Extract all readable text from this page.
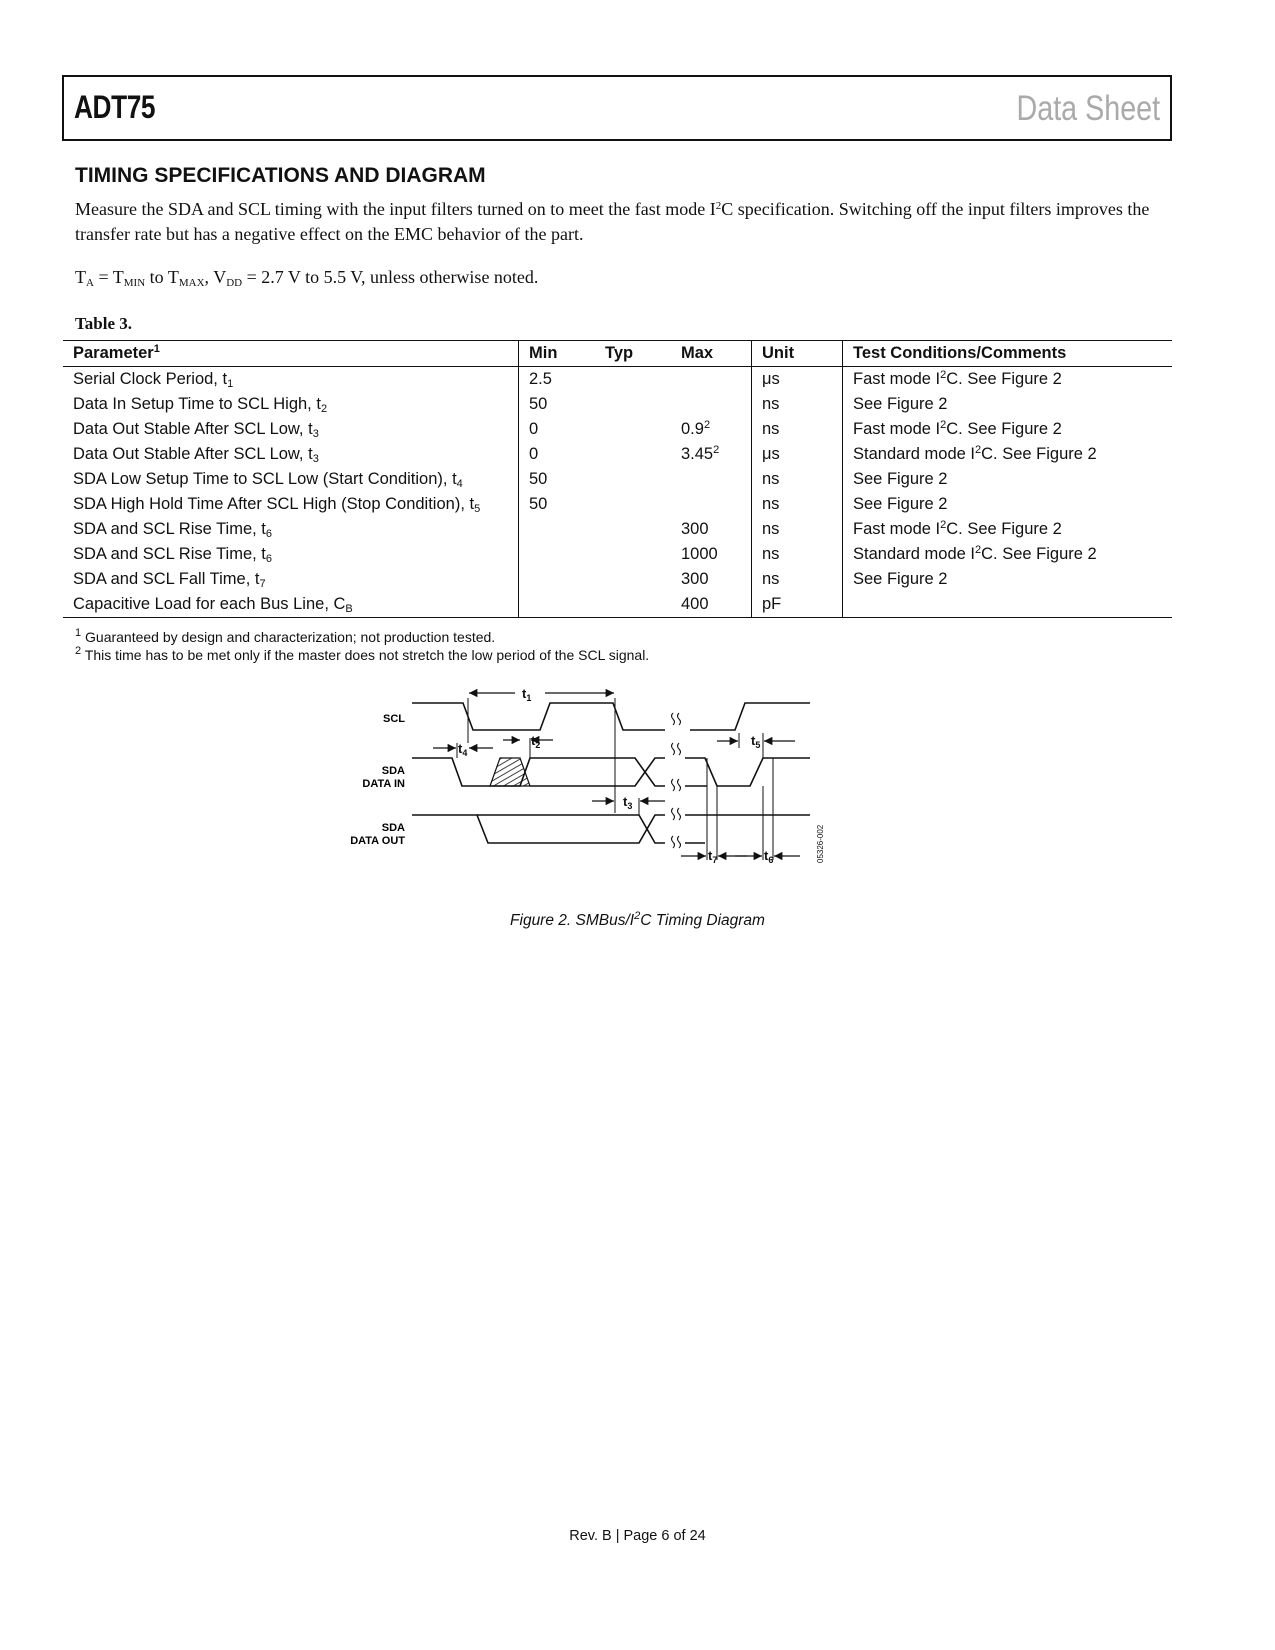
ADT75	Data Sheet
TIMING SPECIFICATIONS AND DIAGRAM
Measure the SDA and SCL timing with the input filters turned on to meet the fast mode $I^2C$ specification. Switching off the input filters improves the transfer rate but has a negative effect on the EMC behavior of the part.
$T_A = T_{MIN}$ to $T_{MAX}$, $V_{DD} = 2.7$ V to 5.5 V, unless otherwise noted.
Table 3.
Parameter$^1$	Min	Typ	Max	Unit	Test Conditions/Comments
Serial Clock Period, $t_1$	2.5			μs	Fast mode $I^2C$. See Figure 2
Data In Setup Time to SCL High, $t_2$	50			ns	See Figure 2
Data Out Stable After SCL Low, $t_3$	0		$0.9^2$	ns	Fast mode $I^2C$. See Figure 2
Data Out Stable After SCL Low, $t_3$	0		3.45$^2$	μs	Standard mode $I^2C$. See Figure 2
SDA Low Setup Time to SCL Low (Start Condition), $t_4$	50			ns	See Figure 2
SDA High Hold Time After SCL High (Stop Condition), $t_5$	50			ns	See Figure 2
SDA and SCL Rise Time, $t_6$			300	ns	Fast mode $I^2C$. See Figure 2
SDA and SCL Rise Time, $t_6$			1000	ns	Standard mode $I^2C$. See Figure 2
SDA and SCL Fall Time, $t_7$			300	ns	See Figure 2
Capacitive Load for each Bus Line, $C_B$			400	pF	
$^1$ Guaranteed by design and characterization; not production tested.
$^2$ This time has to be met only if the master does not stretch the low period of the SCL signal.
SCL
SDA
DATA IN
SDA
DATA OUT
$t_1$
$t_2$
$t_3$
$t_4$
$t_5$
$t_6$
$t_7$	05326-002
Figure 2. SMBus/$I^2C$ Timing Diagram
Rev. B | Page 6 of 24
